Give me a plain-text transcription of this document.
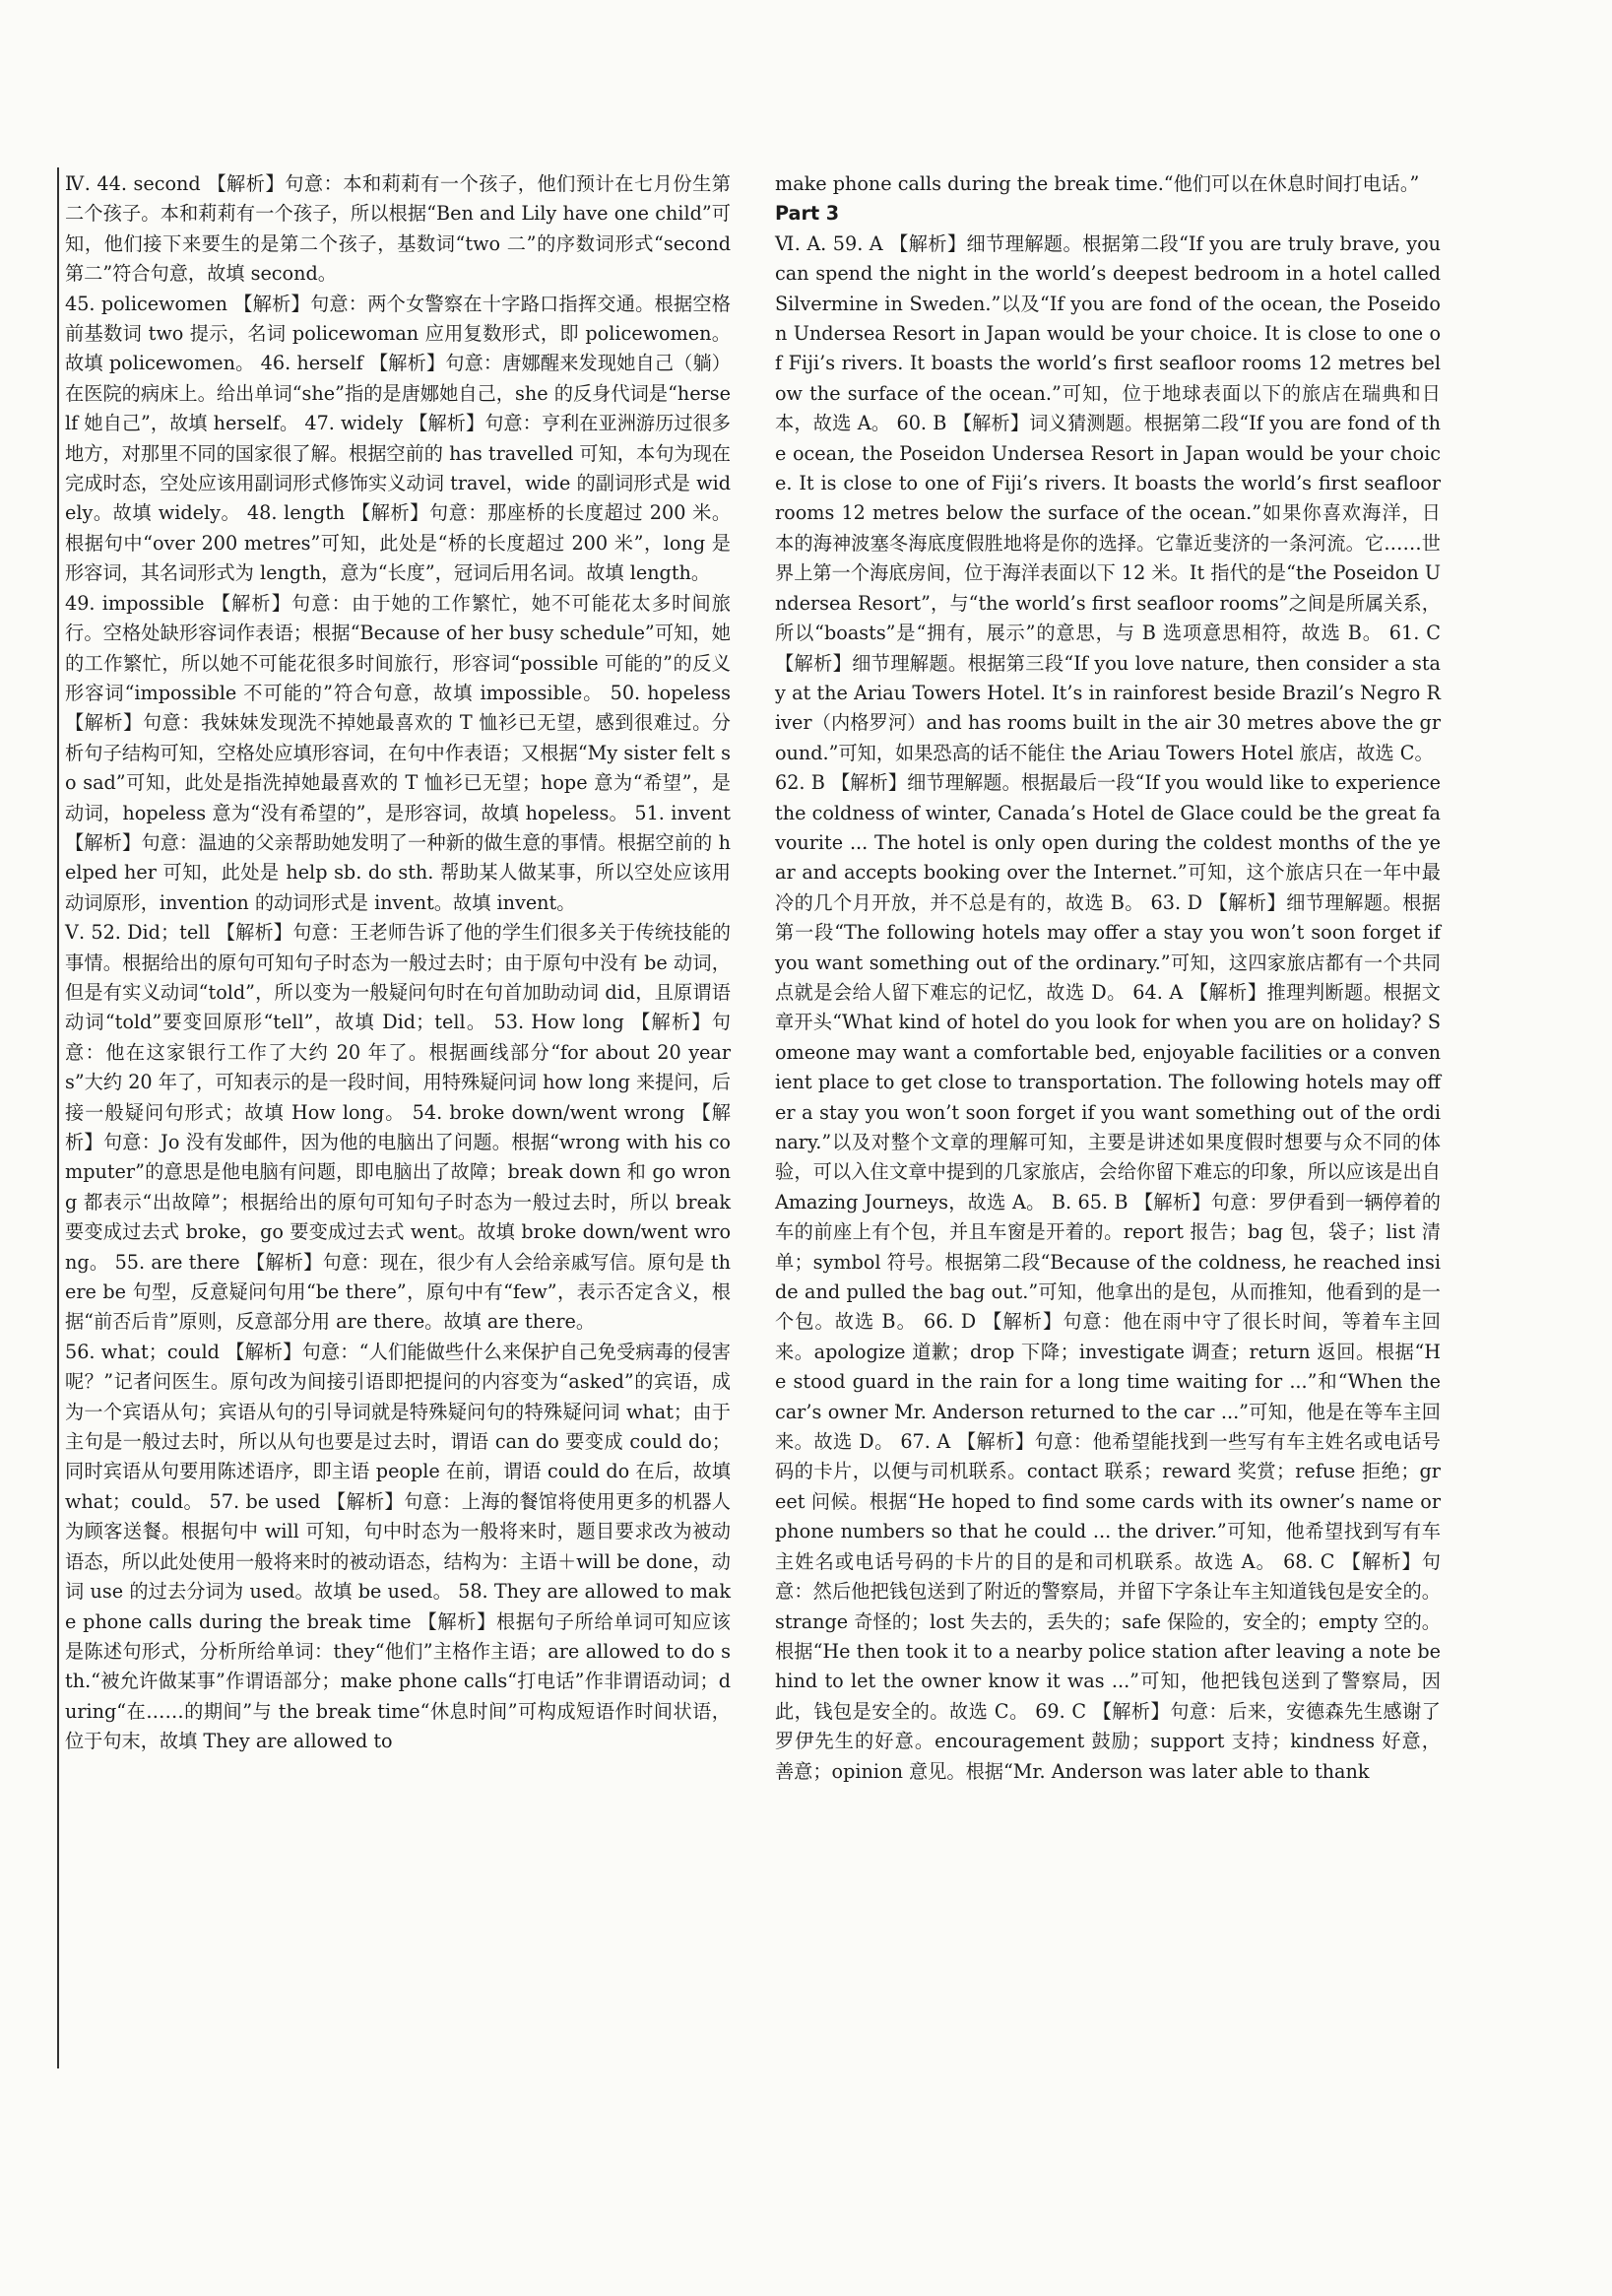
Ⅳ. 44. second 【解析】句意：本和莉莉有一个孩子，他们预计在七月份生第二个孩子。本和莉莉有一个孩子，所以根据“Ben and Lily have one child”可知，他们接下来要生的是第二个孩子，基数词“two 二”的序数词形式“second 第二”符合句意，故填 second。

45. policewomen 【解析】句意：两个女警察在十字路口指挥交通。根据空格前基数词 two 提示，名词 policewoman 应用复数形式，即 policewomen。故填 policewomen。 46. herself 【解析】句意：唐娜醒来发现她自己（躺）在医院的病床上。给出单词“she”指的是唐娜她自己，she 的反身代词是“herself 她自己”，故填 herself。 47. widely 【解析】句意：亨利在亚洲游历过很多地方，对那里不同的国家很了解。根据空前的 has travelled 可知，本句为现在完成时态，空处应该用副词形式修饰实义动词 travel，wide 的副词形式是 widely。故填 widely。 48. length 【解析】句意：那座桥的长度超过 200 米。根据句中“over 200 metres”可知，此处是“桥的长度超过 200 米”，long 是形容词，其名词形式为 length，意为“长度”，冠词后用名词。故填 length。

49. impossible 【解析】句意：由于她的工作繁忙，她不可能花太多时间旅行。空格处缺形容词作表语；根据“Because of her busy schedule”可知，她的工作繁忙，所以她不可能花很多时间旅行，形容词“possible 可能的”的反义形容词“impossible 不可能的”符合句意，故填 impossible。 50. hopeless 【解析】句意：我妹妹发现洗不掉她最喜欢的 T 恤衫已无望，感到很难过。分析句子结构可知，空格处应填形容词，在句中作表语；又根据“My sister felt so sad”可知，此处是指洗掉她最喜欢的 T 恤衫已无望；hope 意为“希望”，是动词，hopeless 意为“没有希望的”，是形容词，故填 hopeless。 51. invent 【解析】句意：温迪的父亲帮助她发明了一种新的做生意的事情。根据空前的 helped her 可知，此处是 help sb. do sth. 帮助某人做某事，所以空处应该用动词原形，invention 的动词形式是 invent。故填 invent。

Ⅴ. 52. Did；tell 【解析】句意：王老师告诉了他的学生们很多关于传统技能的事情。根据给出的原句可知句子时态为一般过去时；由于原句中没有 be 动词，但是有实义动词“told”，所以变为一般疑问句时在句首加助动词 did，且原谓语动词“told”要变回原形“tell”，故填 Did；tell。 53. How long 【解析】句意：他在这家银行工作了大约 20 年了。根据画线部分“for about 20 years”大约 20 年了，可知表示的是一段时间，用特殊疑问词 how long 来提问，后接一般疑问句形式；故填 How long。 54. broke down/went wrong 【解析】句意：Jo 没有发邮件，因为他的电脑出了问题。根据“wrong with his computer”的意思是他电脑有问题，即电脑出了故障；break down 和 go wrong 都表示“出故障”；根据给出的原句可知句子时态为一般过去时，所以 break 要变成过去式 broke，go 要变成过去式 went。故填 broke down/went wrong。 55. are there 【解析】句意：现在，很少有人会给亲戚写信。原句是 there be 句型，反意疑问句用“be there”，原句中有“few”，表示否定含义，根据“前否后肯”原则，反意部分用 are there。故填 are there。

56. what；could 【解析】句意：“人们能做些什么来保护自己免受病毒的侵害呢？”记者问医生。原句改为间接引语即把提问的内容变为“asked”的宾语，成为一个宾语从句；宾语从句的引导词就是特殊疑问句的特殊疑问词 what；由于主句是一般过去时，所以从句也要是过去时，谓语 can do 要变成 could do；同时宾语从句要用陈述语序，即主语 people 在前，谓语 could do 在后，故填 what；could。 57. be used 【解析】句意：上海的餐馆将使用更多的机器人为顾客送餐。根据句中 will 可知，句中时态为一般将来时，题目要求改为被动语态，所以此处使用一般将来时的被动语态，结构为：主语＋will be done，动词 use 的过去分词为 used。故填 be used。 58. They are allowed to make phone calls during the break time 【解析】根据句子所给单词可知应该是陈述句形式，分析所给单词：they“他们”主格作主语；are allowed to do sth.“被允许做某事”作谓语部分；make phone calls“打电话”作非谓语动词；during“在……的期间”与 the break time“休息时间”可构成短语作时间状语，位于句末，故填 They are allowed to

make phone calls during the break time.“他们可以在休息时间打电话。”

Part 3

Ⅵ. A. 59. A 【解析】细节理解题。根据第二段“If you are truly brave, you can spend the night in the world’s deepest bedroom in a hotel called Silvermine in Sweden.”以及“If you are fond of the ocean, the Poseidon Undersea Resort in Japan would be your choice. It is close to one of Fiji’s rivers. It boasts the world’s first seafloor rooms 12 metres below the surface of the ocean.”可知，位于地球表面以下的旅店在瑞典和日本，故选 A。 60. B 【解析】词义猜测题。根据第二段“If you are fond of the ocean, the Poseidon Undersea Resort in Japan would be your choice. It is close to one of Fiji’s rivers. It boasts the world’s first seafloor rooms 12 metres below the surface of the ocean.”如果你喜欢海洋，日本的海神波塞冬海底度假胜地将是你的选择。它靠近斐济的一条河流。它……世界上第一个海底房间，位于海洋表面以下 12 米。It 指代的是“the Poseidon Undersea Resort”，与“the world’s first seafloor rooms”之间是所属关系，所以“boasts”是“拥有，展示”的意思，与 B 选项意思相符，故选 B。 61. C 【解析】细节理解题。根据第三段“If you love nature, then consider a stay at the Ariau Towers Hotel. It’s in rainforest beside Brazil’s Negro River（内格罗河）and has rooms built in the air 30 metres above the ground.”可知，如果恐高的话不能住 the Ariau Towers Hotel 旅店，故选 C。

62. B 【解析】细节理解题。根据最后一段“If you would like to experience the coldness of winter, Canada’s Hotel de Glace could be the great favourite ... The hotel is only open during the coldest months of the year and accepts booking over the Internet.”可知，这个旅店只在一年中最冷的几个月开放，并不总是有的，故选 B。 63. D 【解析】细节理解题。根据第一段“The following hotels may offer a stay you won’t soon forget if you want something out of the ordinary.”可知，这四家旅店都有一个共同点就是会给人留下难忘的记忆，故选 D。 64. A 【解析】推理判断题。根据文章开头“What kind of hotel do you look for when you are on holiday? Someone may want a comfortable bed, enjoyable facilities or a convenient place to get close to transportation. The following hotels may offer a stay you won’t soon forget if you want something out of the ordinary.”以及对整个文章的理解可知，主要是讲述如果度假时想要与众不同的体验，可以入住文章中提到的几家旅店，会给你留下难忘的印象，所以应该是出自 Amazing Journeys，故选 A。 B. 65. B 【解析】句意：罗伊看到一辆停着的车的前座上有个包，并且车窗是开着的。report 报告；bag 包，袋子；list 清单；symbol 符号。根据第二段“Because of the coldness, he reached inside and pulled the bag out.”可知，他拿出的是包，从而推知，他看到的是一个包。故选 B。 66. D 【解析】句意：他在雨中守了很长时间，等着车主回来。apologize 道歉；drop 下降；investigate 调查；return 返回。根据“He stood guard in the rain for a long time waiting for ...”和“When the car’s owner Mr. Anderson returned to the car ...”可知，他是在等车主回来。故选 D。 67. A 【解析】句意：他希望能找到一些写有车主姓名或电话号码的卡片，以便与司机联系。contact 联系；reward 奖赏；refuse 拒绝；greet 问候。根据“He hoped to find some cards with its owner’s name or phone numbers so that he could ... the driver.”可知，他希望找到写有车主姓名或电话号码的卡片的目的是和司机联系。故选 A。 68. C 【解析】句意：然后他把钱包送到了附近的警察局，并留下字条让车主知道钱包是安全的。strange 奇怪的；lost 失去的，丢失的；safe 保险的，安全的；empty 空的。根据“He then took it to a nearby police station after leaving a note behind to let the owner know it was ...”可知，他把钱包送到了警察局，因此，钱包是安全的。故选 C。 69. C 【解析】句意：后来，安德森先生感谢了罗伊先生的好意。encouragement 鼓励；support 支持；kindness 好意，善意；opinion 意见。根据“Mr. Anderson was later able to thank
